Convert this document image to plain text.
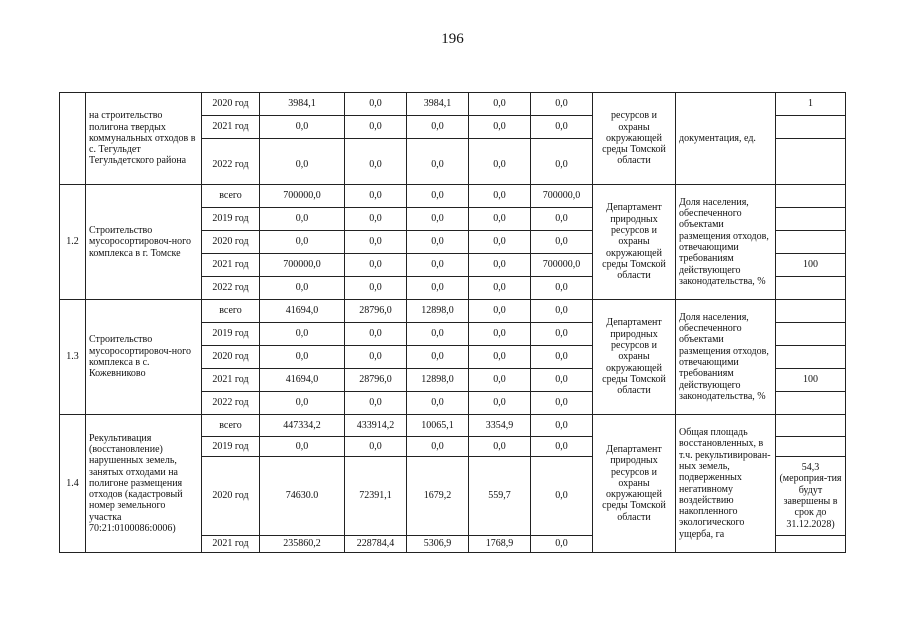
196
	на строительство полигона твердых коммунальных отходов в с. Тегульдет Тегульдетского района	2020 год	3984,1	0,0	3984,1	0,0	0,0	ресурсов и охраны окружающей среды Томской области	документация, ед.	1
		2021 год	0,0	0,0	0,0	0,0	0,0			
		2022 год	0,0	0,0	0,0	0,0	0,0			
1.2	Строительство мусоросортировоч-ного комплекса в г. Томске	всего	700000,0	0,0	0,0	0,0	700000,0	Департамент природных ресурсов и охраны окружающей среды Томской области	Доля населения, обеспеченного объектами размещения отходов, отвечающими требованиям действующего законодательства, %	
		2019 год	0,0	0,0	0,0	0,0	0,0			
		2020 год	0,0	0,0	0,0	0,0	0,0			
		2021 год	700000,0	0,0	0,0	0,0	700000,0			100
		2022 год	0,0	0,0	0,0	0,0	0,0			
1.3	Строительство мусоросортировоч-ного комплекса в с. Кожевниково	всего	41694,0	28796,0	12898,0	0,0	0,0	Департамент природных ресурсов и охраны окружающей среды Томской области	Доля населения, обеспеченного объектами размещения отходов, отвечающими требованиям действующего законодательства, %	
		2019 год	0,0	0,0	0,0	0,0	0,0			
		2020 год	0,0	0,0	0,0	0,0	0,0			
		2021 год	41694,0	28796,0	12898,0	0,0	0,0			100
		2022 год	0,0	0,0	0,0	0,0	0,0			
1.4	Рекультивация (восстановление) нарушенных земель, занятых отходами на полигоне размещения отходов (кадастровый номер земельного участка 70:21:0100086:0006)	всего	447334,2	433914,2	10065,1	3354,9	0,0	Департамент природных ресурсов и охраны окружающей среды Томской области	Общая площадь восстановленных, в т.ч. рекультивирован-ных земель, подверженных негативному воздействию накопленного экологического ущерба, га	
		2019 год	0,0	0,0	0,0	0,0	0,0			
		2020 год	74630.0	72391,1	1679,2	559,7	0,0			54,3 (мероприя-тия будут завершены в срок до 31.12.2028)
		2021 год	235860,2	228784,4	5306,9	1768,9	0,0			
